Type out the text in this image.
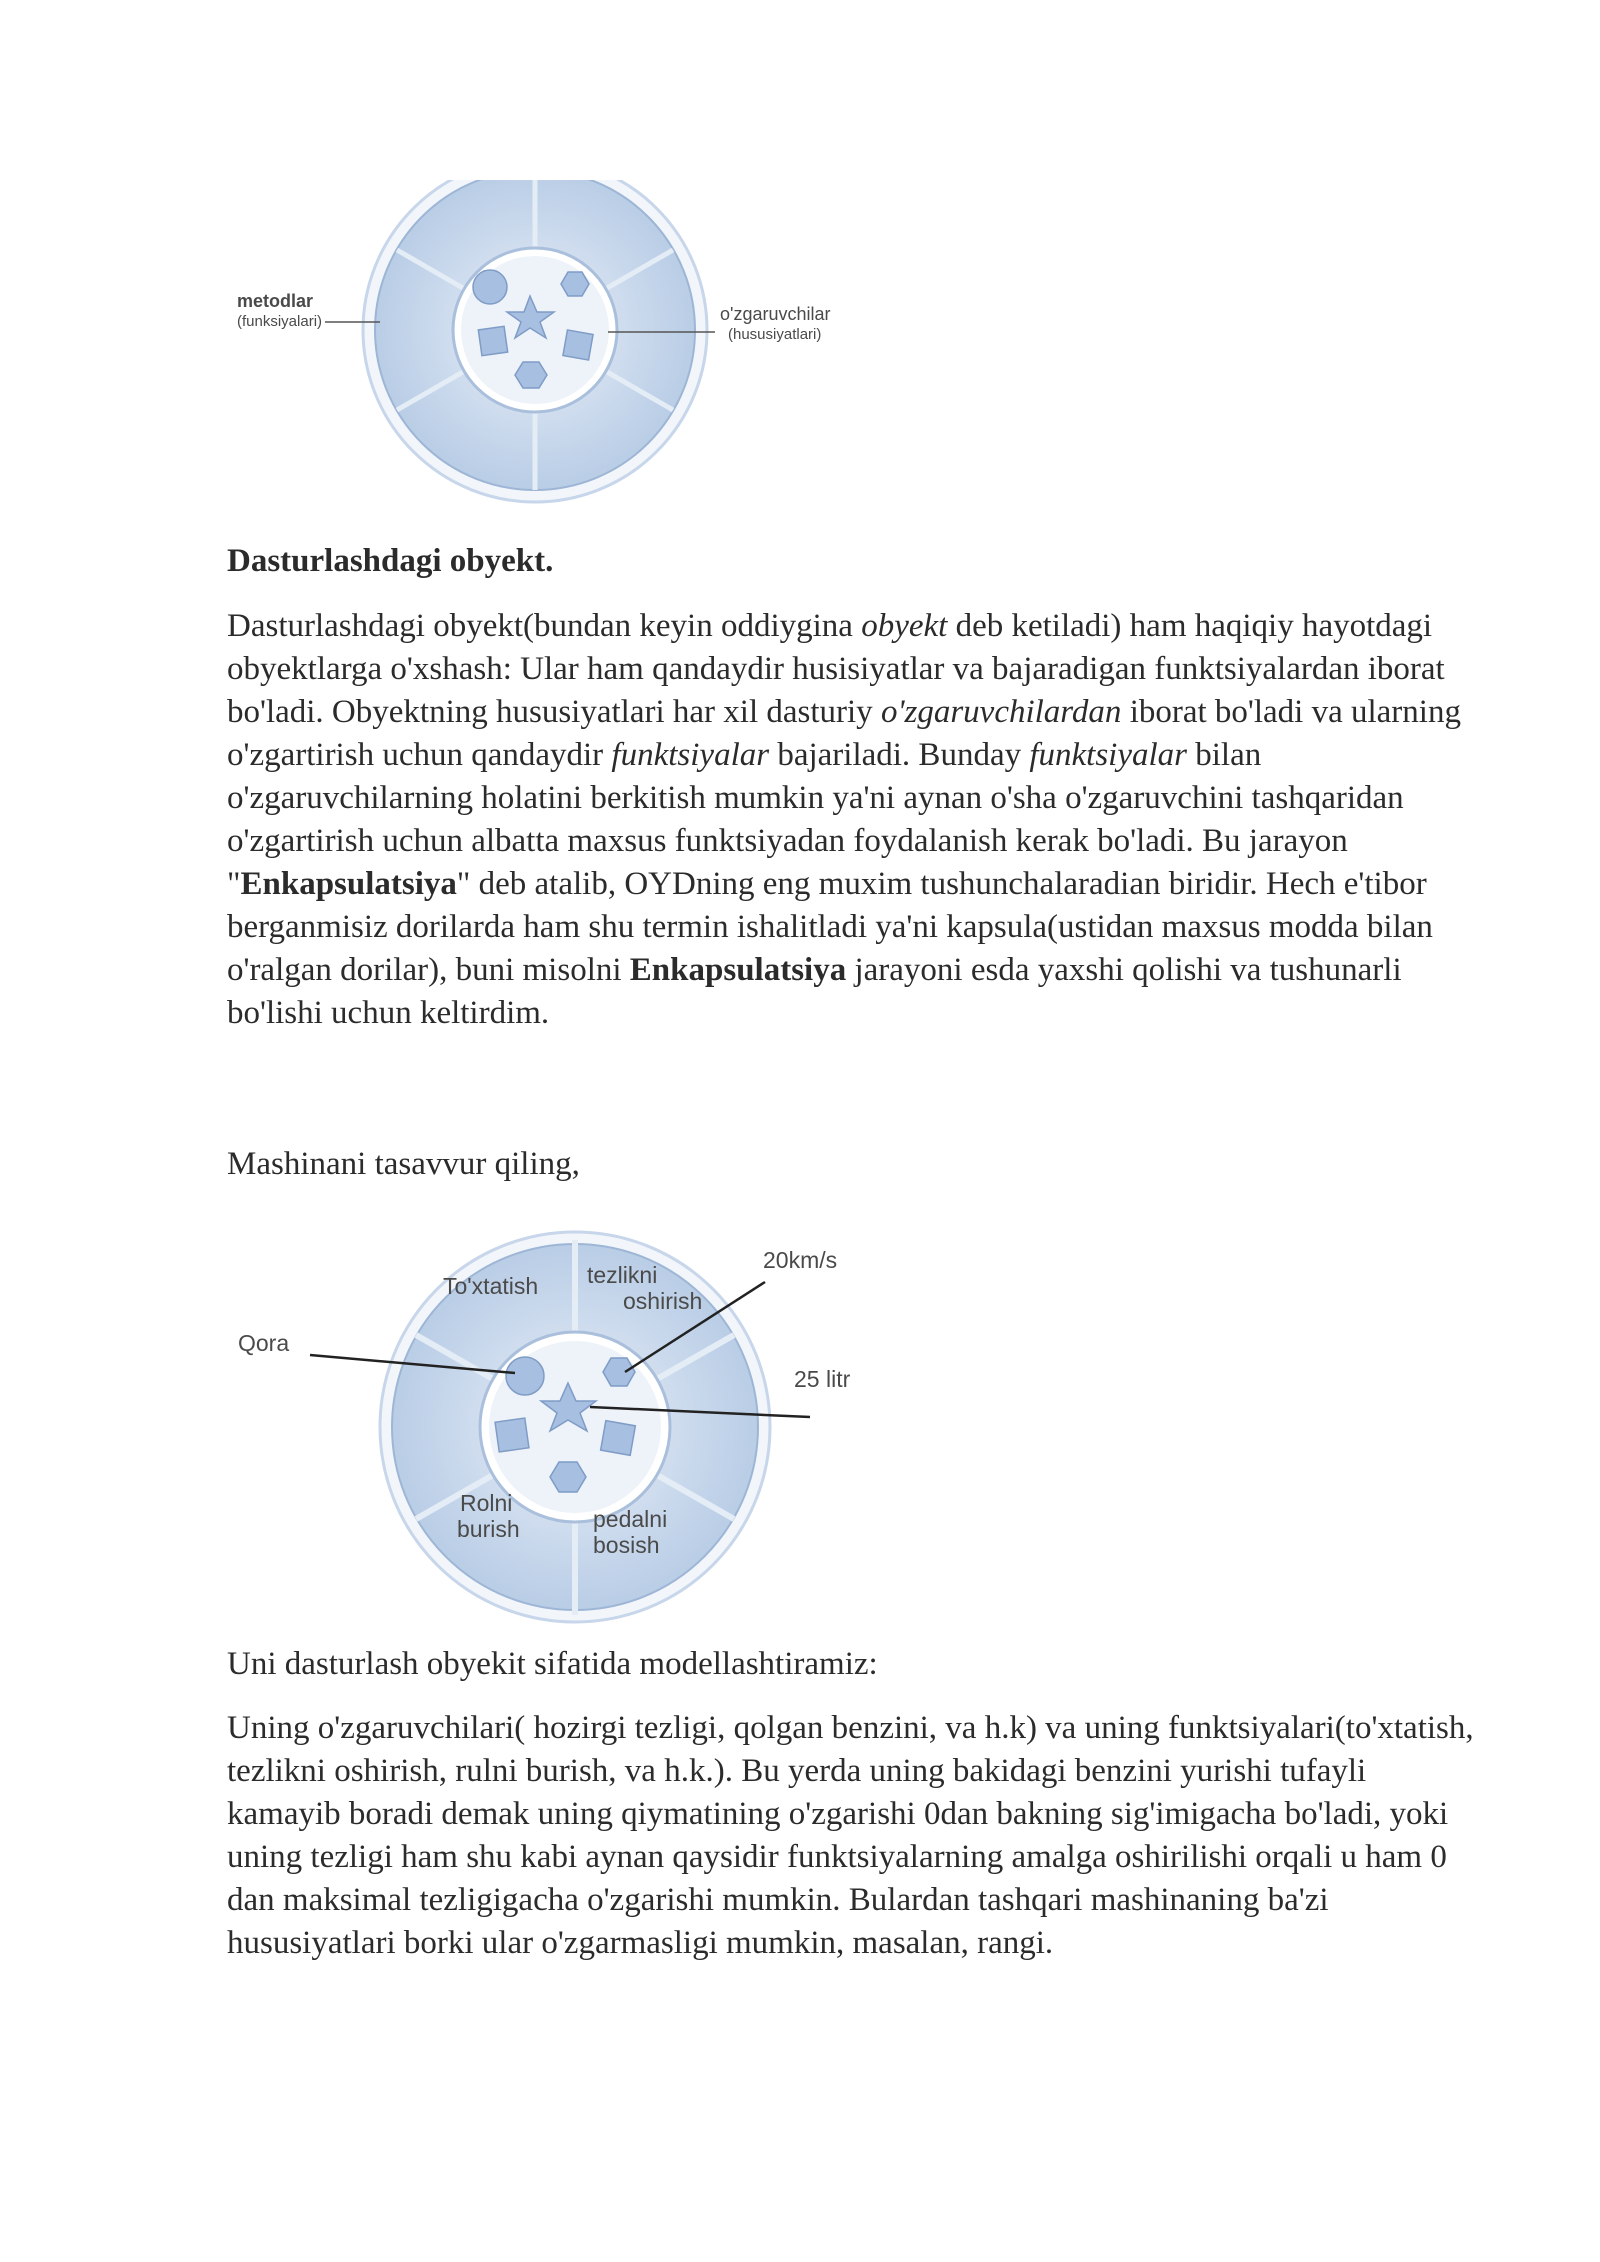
metodlar
(funksiyalari)	o'zgaruvchilar
(hususiyatlari)

Dasturlashdagi obyekt.

Dasturlashdagi obyekt(bundan keyin oddiygina obyekt deb ketiladi) ham haqiqiy hayotdagi obyektlarga o'xshash: Ular ham qandaydir husisiyatlar va bajaradigan funktsiyalardan iborat bo'ladi. Obyektning hususiyatlari har xil dasturiy o'zgaruvchilardan iborat bo'ladi va ularning o'zgartirish uchun qandaydir funktsiyalar bajariladi. Bunday funktsiyalar bilan o'zgaruvchilarning holatini berkitish mumkin ya'ni aynan o'sha o'zgaruvchini tashqaridan o'zgartirish uchun albatta maxsus funktsiyadan foydalanish kerak bo'ladi. Bu jarayon "Enkapsulatsiya" deb atalib, OYDning eng muxim tushunchalaradian biridir. Hech e'tibor berganmisiz dorilarda ham shu termin ishalitladi ya'ni kapsula(ustidan maxsus modda bilan o'ralgan dorilar), buni misolni Enkapsulatsiya jarayoni esda yaxshi qolishi va tushunarli bo'lishi uchun keltirdim.

Mashinani tasavvur qiling,

To'xtatish tezlikni
oshirish
20km/s
Qora
25 litr
Rolni
burish	pedalni
bosish

Uni dasturlash obyekit sifatida modellashtiramiz:

Uning o'zgaruvchilari( hozirgi tezligi, qolgan benzini, va h.k) va uning funktsiyalari(to'xtatish, tezlikni oshirish, rulni burish, va h.k.). Bu yerda uning bakidagi benzini yurishi tufayli kamayib boradi demak uning qiymatining o'zgarishi 0dan bakning sig'imigacha bo'ladi, yoki uning tezligi ham shu kabi aynan qaysidir funktsiyalarning amalga oshirilishi orqali u ham 0 dan maksimal tezligigacha o'zgarishi mumkin. Bulardan tashqari mashinaning ba'zi hususiyatlari borki ular o'zgarmasligi mumkin, masalan, rangi.
